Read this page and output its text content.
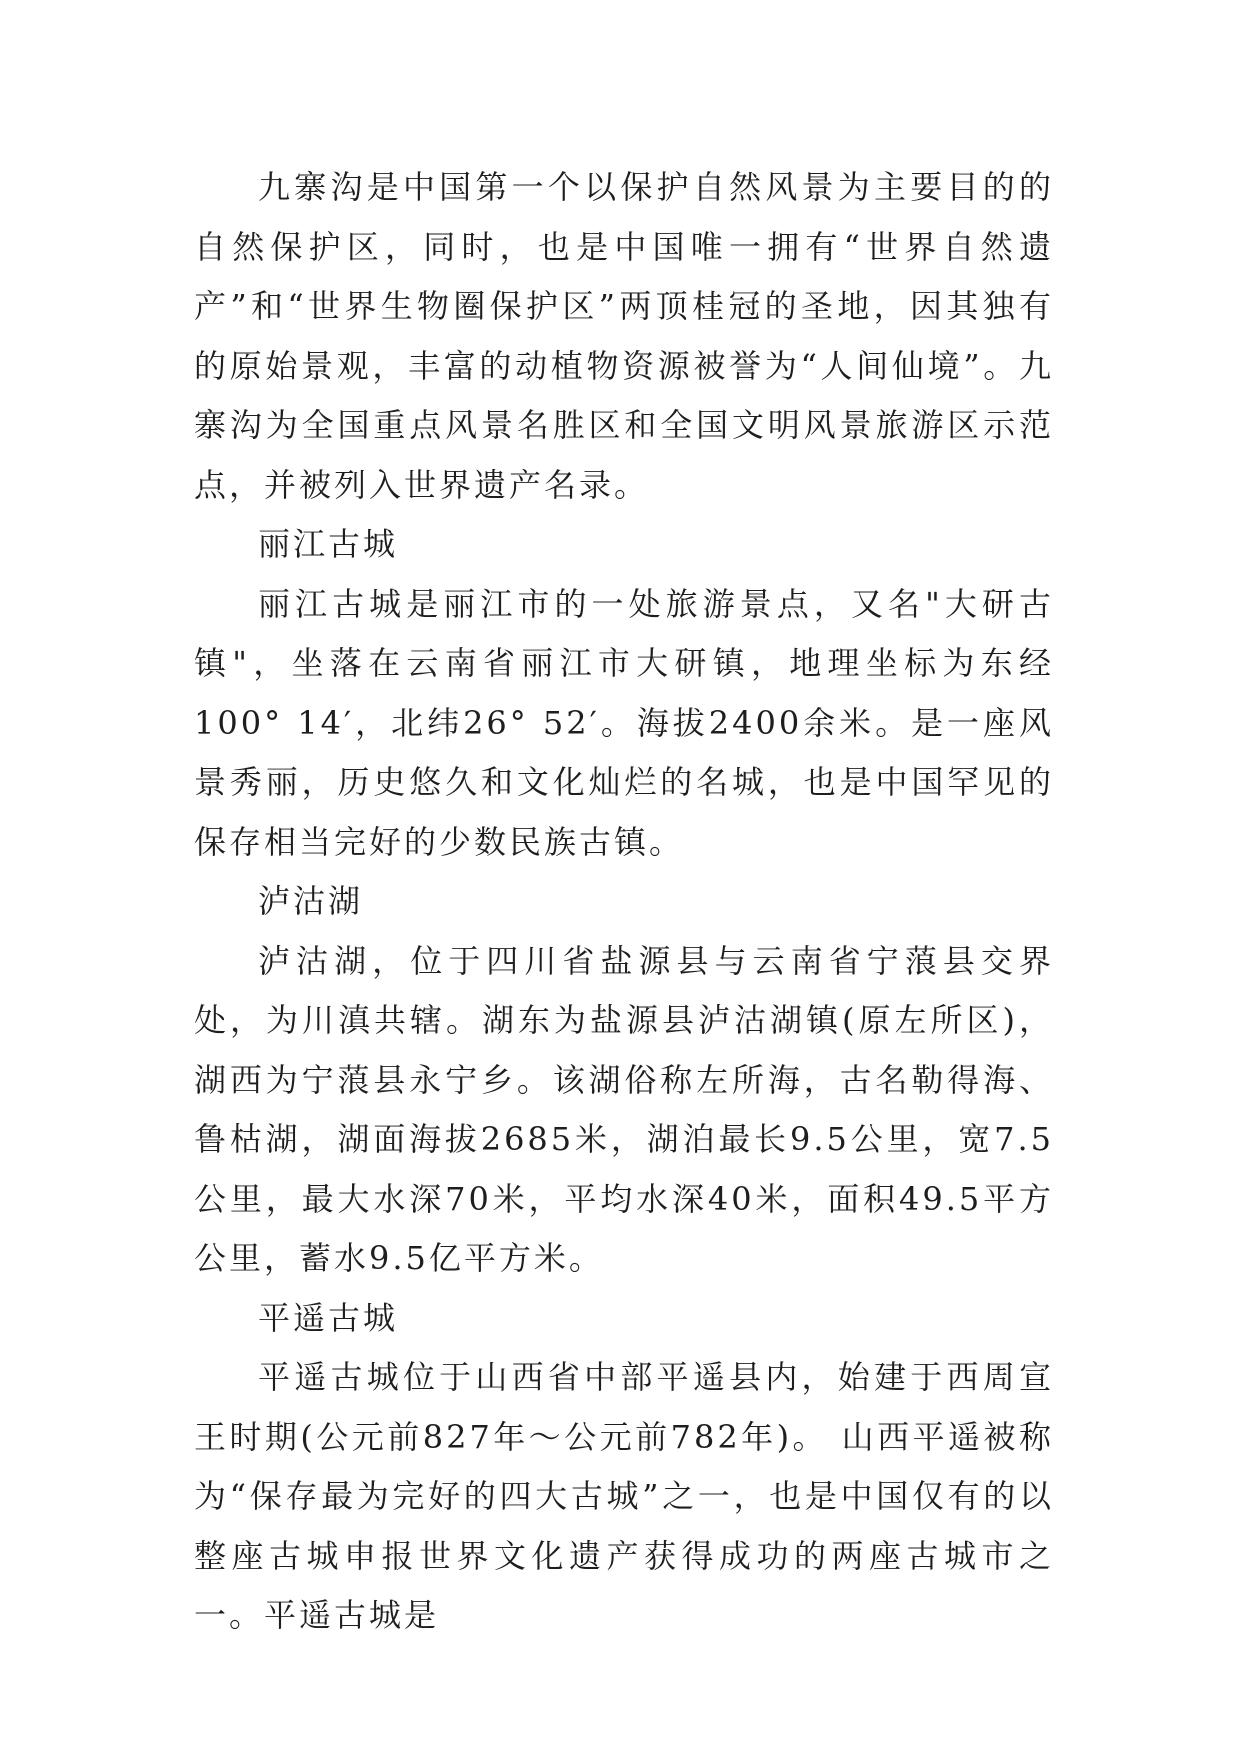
九寨沟是中国第一个以保护自然风景为主要目的的自然保护区，同时，也是中国唯一拥有“世界自然遗产”和“世界生物圈保护区”两顶桂冠的圣地，因其独有的原始景观，丰富的动植物资源被誉为“人间仙境”。九寨沟为全国重点风景名胜区和全国文明风景旅游区示范点，并被列入世界遗产名录。

丽江古城

丽江古城是丽江市的一处旅游景点，又名"大研古镇"，坐落在云南省丽江市大研镇，地理坐标为东经100° 14′，北纬26° 52′。海拔2400余米。是一座风景秀丽，历史悠久和文化灿烂的名城，也是中国罕见的保存相当完好的少数民族古镇。

泸沽湖

泸沽湖，位于四川省盐源县与云南省宁蒗县交界处，为川滇共辖。湖东为盐源县泸沽湖镇(原左所区)，湖西为宁蒗县永宁乡。该湖俗称左所海，古名勒得海、鲁枯湖，湖面海拔2685米，湖泊最长9.5公里，宽7.5公里，最大水深70米，平均水深40米，面积49.5平方公里，蓄水9.5亿平方米。

平遥古城

平遥古城位于山西省中部平遥县内，始建于西周宣王时期(公元前827年～公元前782年)。 山西平遥被称为“保存最为完好的四大古城”之一，也是中国仅有的以整座古城申报世界文化遗产获得成功的两座古城市之一。平遥古城是
